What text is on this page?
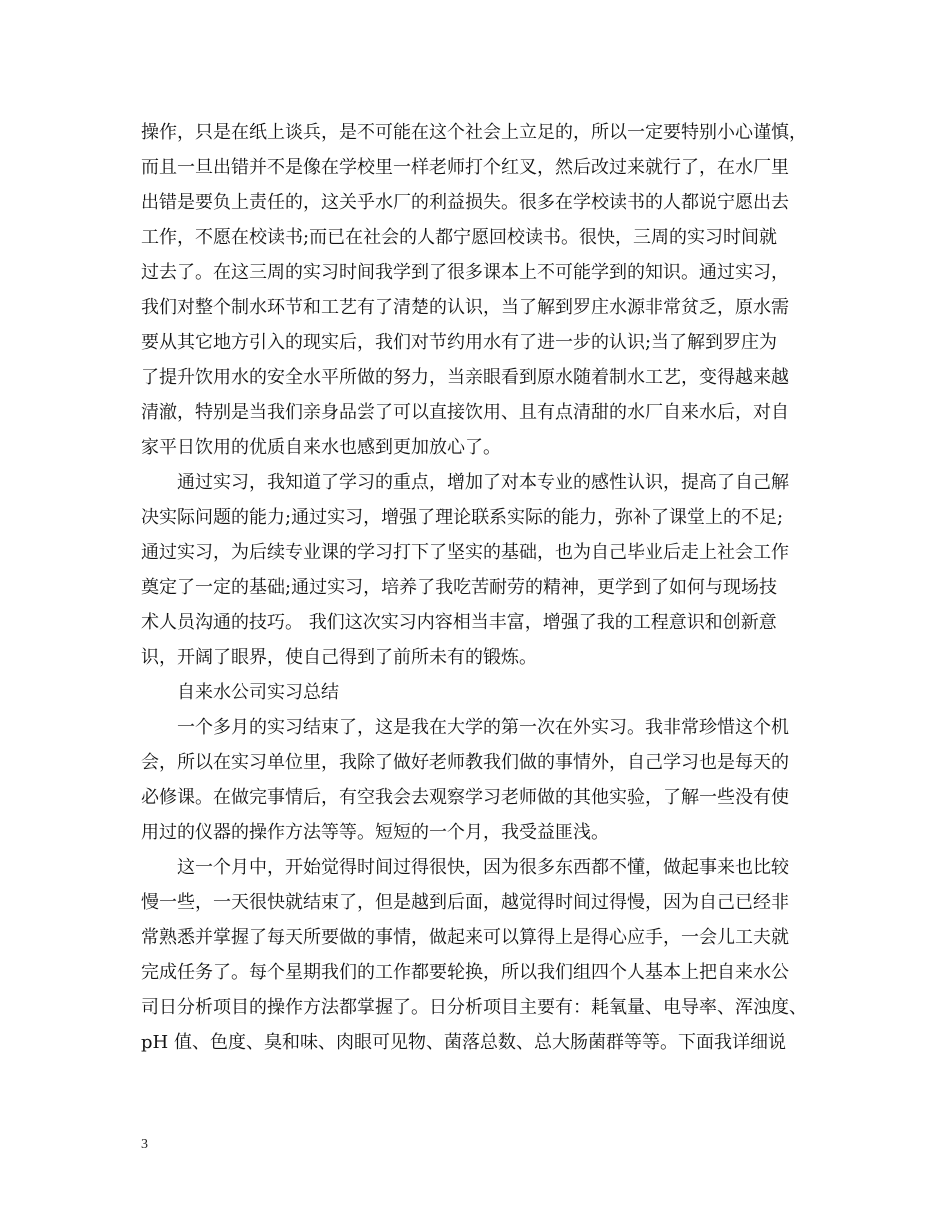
操作，只是在纸上谈兵，是不可能在这个社会上立足的，所以一定要特别小心谨慎，
而且一旦出错并不是像在学校里一样老师打个红叉，然后改过来就行了，在水厂里
出错是要负上责任的，这关乎水厂的利益损失。很多在学校读书的人都说宁愿出去
工作，不愿在校读书;而已在社会的人都宁愿回校读书。很快，三周的实习时间就
过去了。在这三周的实习时间我学到了很多课本上不可能学到的知识。通过实习，
我们对整个制水环节和工艺有了清楚的认识，当了解到罗庄水源非常贫乏，原水需
要从其它地方引入的现实后，我们对节约用水有了进一步的认识;当了解到罗庄为
了提升饮用水的安全水平所做的努力，当亲眼看到原水随着制水工艺，变得越来越
清澈，特别是当我们亲身品尝了可以直接饮用、且有点清甜的水厂自来水后，对自
家平日饮用的优质自来水也感到更加放心了。
通过实习，我知道了学习的重点，增加了对本专业的感性认识，提高了自己解
决实际问题的能力;通过实习，增强了理论联系实际的能力，弥补了课堂上的不足;
通过实习，为后续专业课的学习打下了坚实的基础，也为自己毕业后走上社会工作
奠定了一定的基础;通过实习，培养了我吃苦耐劳的精神，更学到了如何与现场技
术人员沟通的技巧。 我们这次实习内容相当丰富，增强了我的工程意识和创新意
识，开阔了眼界，使自己得到了前所未有的锻炼。
自来水公司实习总结
一个多月的实习结束了，这是我在大学的第一次在外实习。我非常珍惜这个机
会，所以在实习单位里，我除了做好老师教我们做的事情外，自己学习也是每天的
必修课。在做完事情后，有空我会去观察学习老师做的其他实验，了解一些没有使
用过的仪器的操作方法等等。短短的一个月，我受益匪浅。
这一个月中，开始觉得时间过得很快，因为很多东西都不懂，做起事来也比较
慢一些，一天很快就结束了，但是越到后面，越觉得时间过得慢，因为自己已经非
常熟悉并掌握了每天所要做的事情，做起来可以算得上是得心应手，一会儿工夫就
完成任务了。每个星期我们的工作都要轮换，所以我们组四个人基本上把自来水公
司日分析项目的操作方法都掌握了。日分析项目主要有：耗氧量、电导率、浑浊度、
pH 值、色度、臭和味、肉眼可见物、菌落总数、总大肠菌群等等。下面我详细说
3
